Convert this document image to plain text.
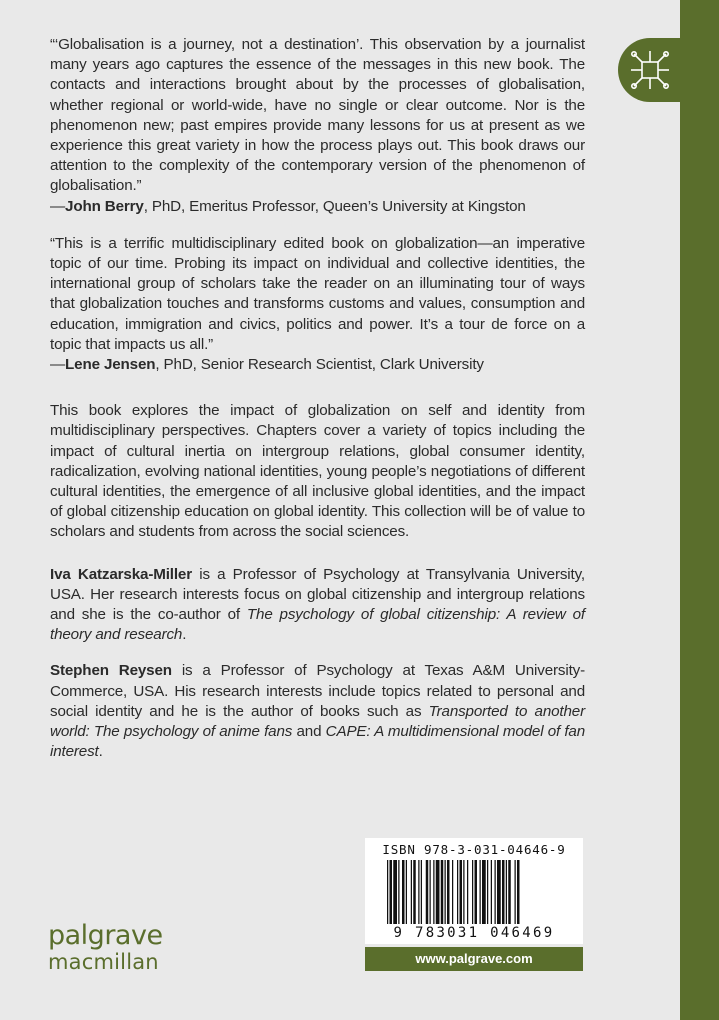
“‘Globalisation is a journey, not a destination’. This observation by a journalist many years ago captures the essence of the messages in this new book. The contacts and interactions brought about by the processes of globalisation, whether regional or world-wide, have no single or clear outcome. Nor is the phenomenon new; past empires provide many lessons for us at present as we experience this great variety in how the process plays out. This book draws our attention to the complexity of the contemporary version of the phenomenon of globalisation.”

—John Berry, PhD, Emeritus Professor, Queen’s University at Kingston

“This is a terrific multidisciplinary edited book on globalization—an imperative topic of our time. Probing its impact on individual and collective identities, the international group of scholars take the reader on an illuminating tour of ways that globalization touches and transforms customs and values, consumption and education, immigration and civics, politics and power. It’s a tour de force on a topic that impacts us all.”

—Lene Jensen, PhD, Senior Research Scientist, Clark University

This book explores the impact of globalization on self and identity from multidisciplinary perspectives. Chapters cover a variety of topics including the impact of cultural inertia on intergroup relations, global consumer identity, radicalization, evolving national identities, young people’s negotiations of different cultural identities, the emergence of all inclusive global identities, and the impact of global citizenship education on global identity. This collection will be of value to scholars and students from across the social sciences.

Iva Katzarska-Miller is a Professor of Psychology at Transylvania University, USA. Her research interests focus on global citizenship and intergroup relations and she is the co-author of The psychology of global citizenship: A review of theory and research.

Stephen Reysen is a Professor of Psychology at Texas A&M University-Commerce, USA. His research interests include topics related to personal and social identity and he is the author of books such as Transported to another world: The psychology of anime fans and CAPE: A multidimensional model of fan interest.

ISBN 978-3-031-04646-9
9 783031 046469
www.palgrave.com
palgrave
macmillan
